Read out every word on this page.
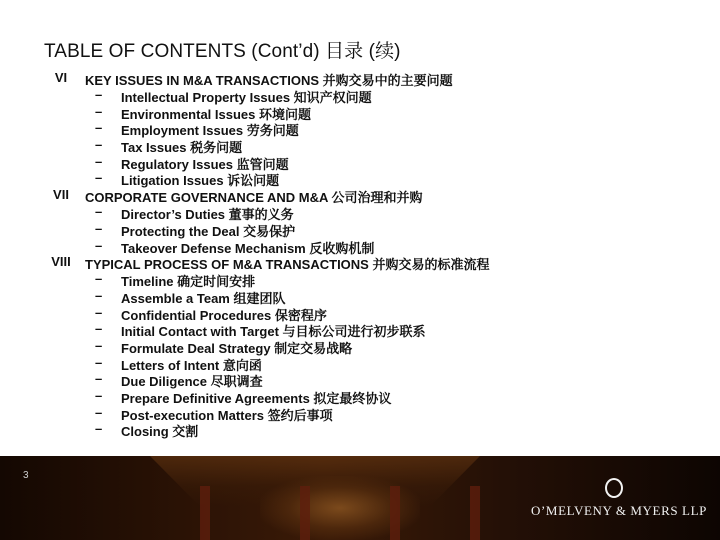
TABLE OF CONTENTS (Cont’d) 目录 (续)
VI	KEY ISSUES IN M&A TRANSACTIONS 并购交易中的主要问题
– Intellectual Property Issues 知识产权问题
– Environmental Issues 环境问题
– Employment Issues 劳务问题
– Tax Issues 税务问题
– Regulatory Issues 监管问题
– Litigation Issues 诉讼问题
VII	CORPORATE GOVERNANCE AND M&A 公司治理和并购
– Director’s Duties 董事的义务
– Protecting the Deal 交易保护
– Takeover Defense Mechanism 反收购机制
VIII	TYPICAL PROCESS OF M&A TRANSACTIONS 并购交易的标准流程
– Timeline 确定时间安排
– Assemble a Team 组建团队
– Confidential Procedures 保密程序
– Initial Contact with Target 与目标公司进行初步联系
– Formulate Deal Strategy 制定交易战略
– Letters of Intent 意向函
– Due Diligence 尽职调查
– Prepare Definitive Agreements 拟定最终协议
– Post-execution Matters 签约后事项
– Closing 交割
3
O’MELVENY & MYERS LLP
